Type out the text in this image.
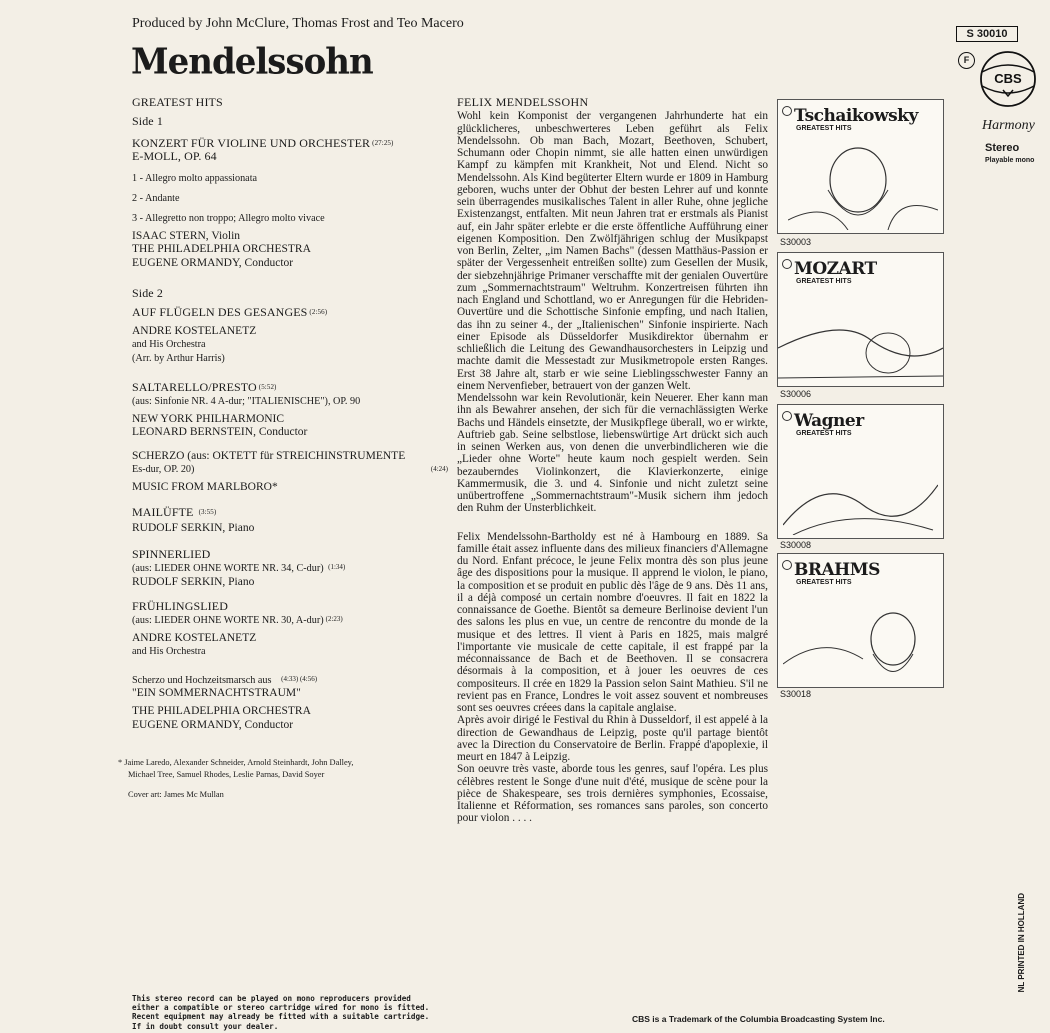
Produced by John McClure, Thomas Frost and Teo Macero
Mendelssohn
GREATEST HITS
Side 1
KONZERT FÜR VIOLINE UND ORCHESTER (27:25)
E-MOLL, OP. 64
1 - Allegro molto appassionata
2 - Andante
3 - Allegretto non troppo; Allegro molto vivace
ISAAC STERN, Violin
THE PHILADELPHIA ORCHESTRA
EUGENE ORMANDY, Conductor
Side 2
AUF FLÜGELN DES GESANGES (2:56)
ANDRE KOSTELANETZ
and His Orchestra
(Arr. by Arthur Harris)
SALTARELLO/PRESTO (5:52)
(aus: Sinfonie NR. 4 A-dur; "ITALIENISCHE"), OP. 90
NEW YORK PHILHARMONIC
LEONARD BERNSTEIN, Conductor
SCHERZO (aus: OKTETT für STREICHINSTRUMENTE
Es-dur, OP. 20)	(4:24)
MUSIC FROM MARLBORO*
MAILÜFTE (3:55)
RUDOLF SERKIN, Piano
SPINNERLIED
(aus: LIEDER OHNE WORTE NR. 34, C-dur) (1:34)
RUDOLF SERKIN, Piano
FRÜHLINGSLIED
(aus: LIEDER OHNE WORTE NR. 30, A-dur) (2:23)
ANDRE KOSTELANETZ
and His Orchestra
Scherzo und Hochzeitsmarsch aus (4:33) (4:56)
"EIN SOMMERNACHTSTRAUM"
THE PHILADELPHIA ORCHESTRA
EUGENE ORMANDY, Conductor
* Jaime Laredo, Alexander Schneider, Arnold Steinhardt, John Dalley,
Michael Tree, Samuel Rhodes, Leslie Parnas, David Soyer
Cover art: James Mc Mullan
This stereo record can be played on mono reproducers provided either a compatible or stereo cartridge wired for mono is fitted. Recent equipment may already be fitted with a suitable cartridge. If in doubt consult your dealer.
FELIX MENDELSSOHN

Wohl kein Komponist der vergangenen Jahrhunderte hat ein glücklicheres, unbeschwerteres Leben geführt als Felix Mendelssohn. Ob man Bach, Mozart, Beethoven, Schubert, Schumann oder Chopin nimmt, sie alle hatten einen unwürdigen Kampf zu kämpfen mit Krankheit, Not und Elend. Nicht so Mendelssohn. Als Kind begüterter Eltern wurde er 1809 in Hamburg geboren, wuchs unter der Obhut der besten Lehrer auf und konnte sein überragendes musikalisches Talent in aller Ruhe, ohne jegliche Existenzangst, entfalten. Mit neun Jahren trat er erstmals als Pianist auf, ein Jahr später erlebte er die erste öffentliche Aufführung einer eigenen Komposition. Den Zwölfjährigen schlug der Musikpapst von Berlin, Zelter, „im Namen Bachs" (dessen Matthäus-Passion er später der Vergessenheit entreißen sollte) zum Gesellen der Musik, der siebzehnjährige Primaner verschaffte mit der genialen Ouvertüre zum „Sommernachtstraum" Weltruhm. Konzertreisen führten ihn nach England und Schottland, wo er Anregungen für die Hebriden-Ouvertüre und die Schottische Sinfonie empfing, und nach Italien, das ihn zu seiner 4., der „Italienischen" Sinfonie inspirierte. Nach einer Episode als Düsseldorfer Musikdirektor übernahm er schließlich die Leitung des Gewandhausorchesters in Leipzig und machte damit die Messestadt zur Musikmetropole ersten Ranges. Erst 38 Jahre alt, starb er wie seine Lieblingsschwester Fanny an einem Nervenfieber, betrauert von der ganzen Welt.

Mendelssohn war kein Revolutionär, kein Neuerer. Eher kann man ihn als Bewahrer ansehen, der sich für die vernachlässigten Werke Bachs und Händels einsetzte, der Musikpflege überall, wo er wirkte, Auftrieb gab. Seine selbstlose, liebenswürtige Art drückt sich auch in seinen Werken aus, von denen die unverbindlicheren wie die „Lieder ohne Worte" heute kaum noch gespielt werden. Sein bezauberndes Violinkonzert, die Klavierkonzerte, einige Kammermusik, die 3. und 4. Sinfonie und nicht zuletzt seine unübertroffene „Sommernachtstraum"-Musik sichern ihm jedoch den Ruhm der Unsterblichkeit.

Felix Mendelssohn-Bartholdy est né à Hambourg en 1889. Sa famille était assez influente dans des milieux financiers d'Allemagne du Nord. Enfant précoce, le jeune Felix montra dès son plus jeune âge des dispositions pour la musique. Il apprend le violon, le piano, la composition et se produit en public dès l'âge de 9 ans. Dès 11 ans, il a déjà composé un certain nombre d'oeuvres. Il fait en 1822 la connaissance de Goethe. Bientôt sa demeure Berlinoise devient l'un des salons les plus en vue, un centre de rencontre du monde de la musique et des lettres. Il vient à Paris en 1825, mais malgré l'importante vie musicale de cette capitale, il est frappé par la méconnaissance de Bach et de Beethoven. Il se consacrera désormais à la composition, et à jouer les oeuvres de ces compositeurs. Il crée en 1829 la Passion selon Saint Mathieu. S'il ne revient pas en France, Londres le voit assez souvent et nombreuses sont ses oeuvres créees dans la capitale anglaise.

Après avoir dirigé le Festival du Rhin à Dusseldorf, il est appelé à la direction de Gewandhaus de Leipzig, poste qu'il partage bientôt avec la Direction du Conservatoire de Berlin. Frappé d'apoplexie, il meurt en 1847 à Leipzig.

Son oeuvre très vaste, aborde tous les genres, sauf l'opéra. Les plus célèbres restent le Songe d'une nuit d'été, musique de scène pour la pièce de Shakespeare, ses trois dernières symphonies, Ecossaise, Italienne et Réformation, ses romances sans paroles, son concerto pour violon . . . .

CBS is a Trademark of the Columbia Broadcasting System Inc.
S 30010
F
CBS
Harmony
Stereo
Playable mono
Tschaikowsky
GREATEST HITS
S30003
MOZART
GREATEST HITS
S30006
Wagner
GREATEST HITS
S30008
BRAHMS
GREATEST HITS
S30018
NL PRINTED IN HOLLAND
